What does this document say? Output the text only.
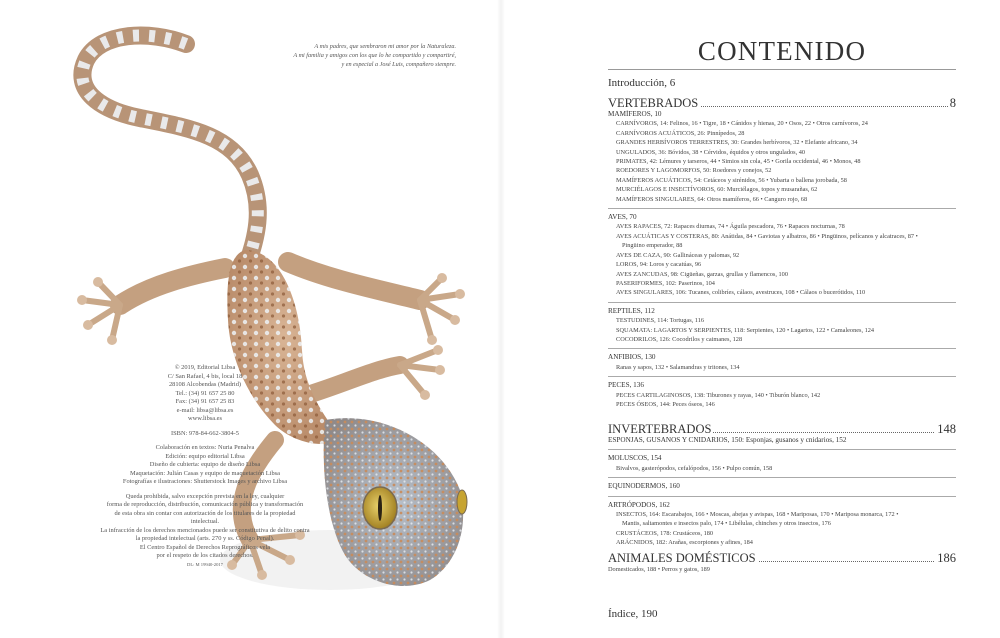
A mis padres, que sembraron mi amor por la Naturaleza.
A mi familia y amigos con los que lo he compartido y compartiré,
y en especial a José Luis, compañero siempre.
© 2019, Editorial Libsa
C/ San Rafael, 4 bis, local 18
28108 Alcobendas (Madrid)
Tel.: (34) 91 657 25 80
Fax: (34) 91 657 25 83
e-mail: libsa@libsa.es
www.libsa.es
ISBN: 978-84-662-3804-5
Colaboración en textos: Nuria Penalva
Edición: equipo editorial Libsa
Diseño de cubierta: equipo de diseño Libsa
Maquetación: Julián Casas y equipo de maquetación Libsa
Fotografías e ilustraciones: Shutterstock Images y archivo Libsa
Queda prohibida, salvo excepción prevista en la ley, cualquier
forma de reproducción, distribución, comunicación pública y transformación
de esta obra sin contar con autorización de los titulares de la propiedad intelectual.
La infracción de los derechos mencionados puede ser constitutiva de delito contra
la propiedad intelectual (arts. 270 y ss. Código Penal).
El Centro Español de Derechos Reprográficos vela
por el respeto de los citados derechos.
DL: M 19940-2017
CONTENIDO
Introducción, 6
VERTEBRADOS	8
MAMÍFEROS, 10
CARNÍVOROS, 14: Felinos, 16 • Tigre, 18 • Cánidos y hienas, 20 • Osos, 22 • Otros carnívoros, 24
CARNÍVOROS ACUÁTICOS, 26: Pinnípedos, 28
GRANDES HERBÍVOROS TERRESTRES, 30: Grandes herbívoros, 32 • Elefante africano, 34
UNGULADOS, 36: Bóvidos, 38 • Cérvidos, équidos y otros ungulados, 40
PRIMATES, 42: Lémures y tarseros, 44 • Simios sin cola, 45 • Gorila occidental, 46 • Monos, 48
ROEDORES Y LAGOMORFOS, 50: Roedores y conejos, 52
MAMÍFEROS ACUÁTICOS, 54: Cetáceos y sirénidos, 56 • Yubarta o ballena jorobada, 58
MURCIÉLAGOS E INSECTÍVOROS, 60: Murciélagos, topos y musarañas, 62
MAMÍFEROS SINGULARES, 64: Otros mamíferos, 66 • Canguro rojo, 68
AVES, 70
AVES RAPACES, 72: Rapaces diurnas, 74 • Águila pescadora, 76 • Rapaces nocturnas, 78
AVES ACUÁTICAS Y COSTERAS, 80: Anátidas, 84 • Gaviotas y albatros, 86 • Pingüinos, pelícanos y alcatraces, 87 •
Pingüino emperador, 88
AVES DE CAZA, 90: Gallináceas y palomas, 92
LOROS, 94: Loros y cacatúas, 96
AVES ZANCUDAS, 98: Cigüeñas, garzas, grullas y flamencos, 100
PASERIFORMES, 102: Paserinos, 104
AVES SINGULARES, 106: Tucanes, colibríes, cálaos, avestruces, 108 • Cálaos o bucerótidos, 110
REPTILES, 112
TESTUDINES, 114: Tortugas, 116
SQUAMATA: LAGARTOS Y SERPIENTES, 118: Serpientes, 120 • Lagartos, 122 • Camaleones, 124
COCODRILOS, 126: Cocodrilos y caimanes, 128
ANFIBIOS, 130
Ranas y sapos, 132 • Salamandras y tritones, 134
PECES, 136
PECES CARTILAGINOSOS, 138: Tiburones y rayas, 140 • Tiburón blanco, 142
PECES ÓSEOS, 144: Peces óseos, 146
INVERTEBRADOS	148
ESPONJAS, GUSANOS Y CNIDARIOS, 150: Esponjas, gusanos y cnidarios, 152
MOLUSCOS, 154
Bivalvos, gasterópodos, cefalópodos, 156 • Pulpo común, 158
EQUINODERMOS, 160
ARTRÓPODOS, 162
INSECTOS, 164: Escarabajos, 166 • Moscas, abejas y avispas, 168 • Mariposas, 170 • Mariposa monarca, 172 •
Mantis, saltamontes e insectos palo, 174 • Libélulas, chinches y otros insectos, 176
CRUSTÁCEOS, 178: Crustáceos, 180
ARÁCNIDOS, 182: Arañas, escorpiones y afines, 184
ANIMALES DOMÉSTICOS	186
Domesticados, 188 • Perros y gatos, 189
Índice, 190
